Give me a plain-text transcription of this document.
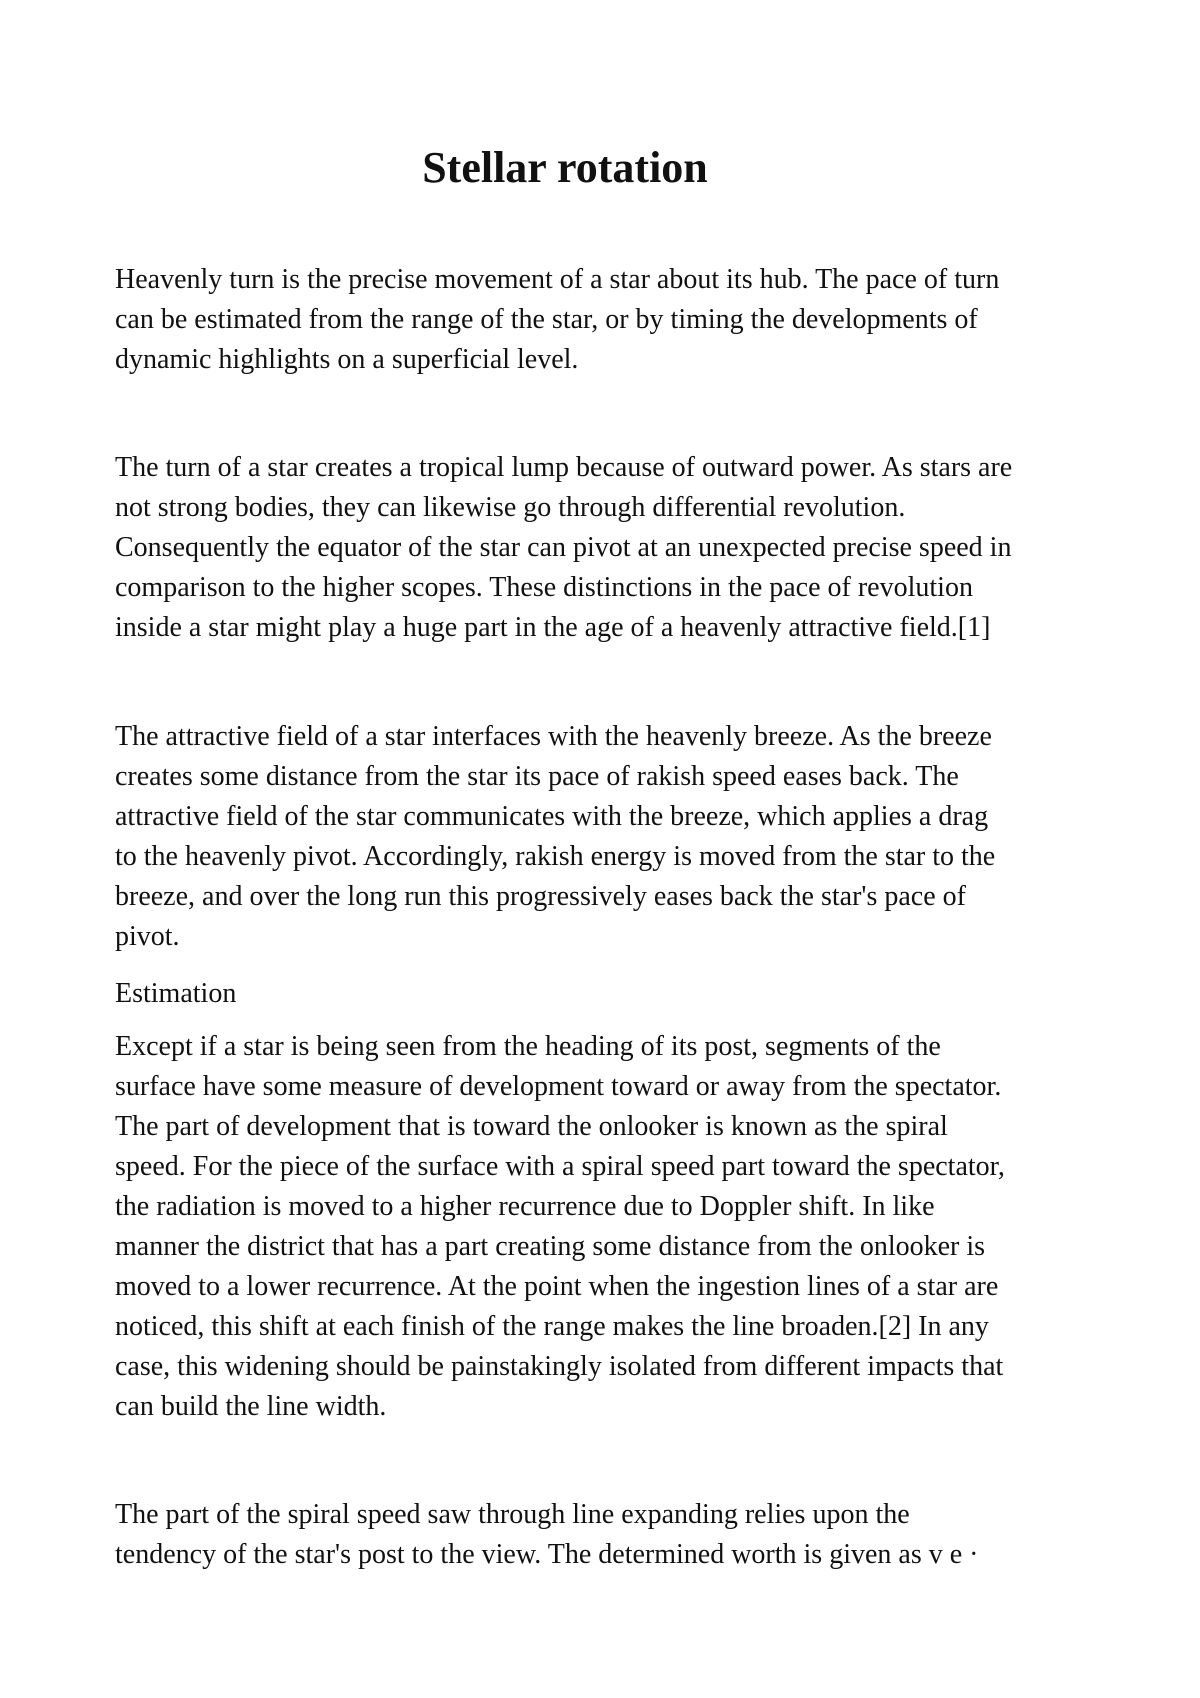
Stellar rotation

Heavenly turn is the precise movement of a star about its hub. The pace of turn
can be estimated from the range of the star, or by timing the developments of
dynamic highlights on a superficial level.

The turn of a star creates a tropical lump because of outward power. As stars are
not strong bodies, they can likewise go through differential revolution.
Consequently the equator of the star can pivot at an unexpected precise speed in
comparison to the higher scopes. These distinctions in the pace of revolution
inside a star might play a huge part in the age of a heavenly attractive field.[1]

The attractive field of a star interfaces with the heavenly breeze. As the breeze
creates some distance from the star its pace of rakish speed eases back. The
attractive field of the star communicates with the breeze, which applies a drag
to the heavenly pivot. Accordingly, rakish energy is moved from the star to the
breeze, and over the long run this progressively eases back the star's pace of
pivot.

Estimation

Except if a star is being seen from the heading of its post, segments of the
surface have some measure of development toward or away from the spectator.
The part of development that is toward the onlooker is known as the spiral
speed. For the piece of the surface with a spiral speed part toward the spectator,
the radiation is moved to a higher recurrence due to Doppler shift. In like
manner the district that has a part creating some distance from the onlooker is
moved to a lower recurrence. At the point when the ingestion lines of a star are
noticed, this shift at each finish of the range makes the line broaden.[2] In any
case, this widening should be painstakingly isolated from different impacts that
can build the line width.

The part of the spiral speed saw through line expanding relies upon the
tendency of the star's post to the view. The determined worth is given as v e ·
